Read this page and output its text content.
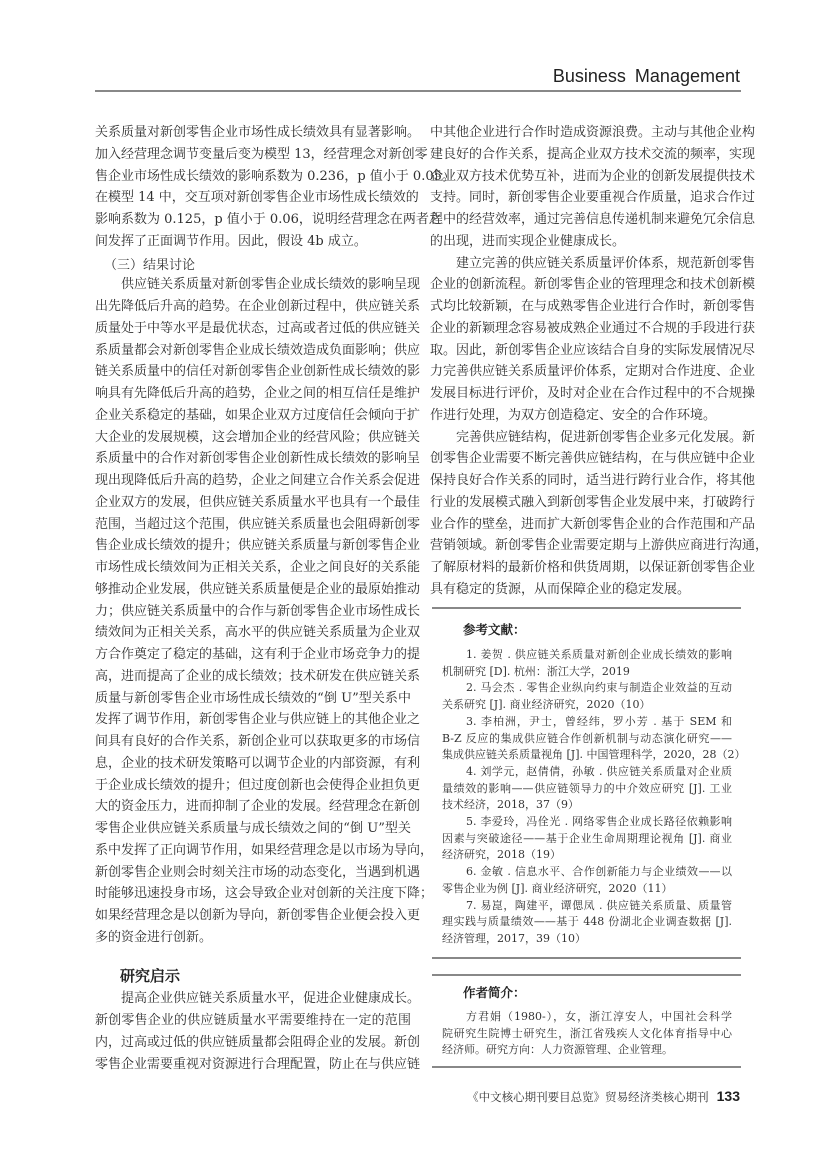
Business Management
（三）结果讨论
研究启示
参考文献：
作者简介：
《中文核心期刊要目总览》贸易经济类核心期刊 133
关系质量对新创零售企业市场性成长绩效具有显著影响。
加入经营理念调节变量后变为模型 13，经营理念对新创零
售企业市场性成长绩效的影响系数为 0.236，p 值小于 0.05。
在模型 14 中，交互项对新创零售企业市场性成长绩效的
影响系数为 0.125，p 值小于 0.06，说明经营理念在两者之
间发挥了正面调节作用。因此，假设 4b 成立。
供应链关系质量对新创零售企业成长绩效的影响呈现
出先降低后升高的趋势。在企业创新过程中，供应链关系
质量处于中等水平是最优状态，过高或者过低的供应链关
系质量都会对新创零售企业成长绩效造成负面影响；供应
链关系质量中的信任对新创零售企业创新性成长绩效的影
响具有先降低后升高的趋势，企业之间的相互信任是维护
企业关系稳定的基础，如果企业双方过度信任会倾向于扩
大企业的发展规模，这会增加企业的经营风险；供应链关
系质量中的合作对新创零售企业创新性成长绩效的影响呈
现出现降低后升高的趋势，企业之间建立合作关系会促进
企业双方的发展，但供应链关系质量水平也具有一个最佳
范围，当超过这个范围，供应链关系质量也会阻碍新创零
售企业成长绩效的提升；供应链关系质量与新创零售企业
市场性成长绩效间为正相关关系，企业之间良好的关系能
够推动企业发展，供应链关系质量便是企业的最原始推动
力；供应链关系质量中的合作与新创零售企业市场性成长
绩效间为正相关关系，高水平的供应链关系质量为企业双
方合作奠定了稳定的基础，这有利于企业市场竞争力的提
高，进而提高了企业的成长绩效；技术研发在供应链关系
质量与新创零售企业市场性成长绩效的“倒 U”型关系中
发挥了调节作用，新创零售企业与供应链上的其他企业之
间具有良好的合作关系，新创企业可以获取更多的市场信
息，企业的技术研发策略可以调节企业的内部资源，有利
于企业成长绩效的提升；但过度创新也会使得企业担负更
大的资金压力，进而抑制了企业的发展。经营理念在新创
零售企业供应链关系质量与成长绩效之间的“倒 U”型关
系中发挥了正向调节作用，如果经营理念是以市场为导向，
新创零售企业则会时刻关注市场的动态变化，当遇到机遇
时能够迅速投身市场，这会导致企业对创新的关注度下降；
如果经营理念是以创新为导向，新创零售企业便会投入更
多的资金进行创新。
提高企业供应链关系质量水平，促进企业健康成长。
新创零售企业的供应链质量水平需要维持在一定的范围
内，过高或过低的供应链质量都会阻碍企业的发展。新创
零售企业需要重视对资源进行合理配置，防止在与供应链
中其他企业进行合作时造成资源浪费。主动与其他企业构
建良好的合作关系，提高企业双方技术交流的频率，实现
企业双方技术优势互补，进而为企业的创新发展提供技术
支持。同时，新创零售企业要重视合作质量，追求合作过
程中的经营效率，通过完善信息传递机制来避免冗余信息
的出现，进而实现企业健康成长。
建立完善的供应链关系质量评价体系，规范新创零售
企业的创新流程。新创零售企业的管理理念和技术创新模
式均比较新颖，在与成熟零售企业进行合作时，新创零售
企业的新颖理念容易被成熟企业通过不合规的手段进行获
取。因此，新创零售企业应该结合自身的实际发展情况尽
力完善供应链关系质量评价体系，定期对合作进度、企业
发展目标进行评价，及时对企业在合作过程中的不合规操
作进行处理，为双方创造稳定、安全的合作环境。
完善供应链结构，促进新创零售企业多元化发展。新
创零售企业需要不断完善供应链结构，在与供应链中企业
保持良好合作关系的同时，适当进行跨行业合作，将其他
行业的发展模式融入到新创零售企业发展中来，打破跨行
业合作的壁垒，进而扩大新创零售企业的合作范围和产品
营销领域。新创零售企业需要定期与上游供应商进行沟通，
了解原材料的最新价格和供货周期，以保证新创零售企业
具有稳定的货源，从而保障企业的稳定发展。
1. 姜贺 . 供应链关系质量对新创企业成长绩效的影响
机制研究 [D]. 杭州：浙江大学，2019
2. 马会杰 . 零售企业纵向约束与制造企业效益的互动
关系研究 [J]. 商业经济研究，2020（10）
3. 李柏洲，尹士，曾经纬，罗小芳 . 基于 SEM 和
B-Z 反应的集成供应链合作创新机制与动态演化研究——
集成供应链关系质量视角 [J]. 中国管理科学，2020，28（2）
4. 刘学元，赵倩倩，孙敏 . 供应链关系质量对企业质
量绩效的影响——供应链领导力的中介效应研究 [J]. 工业
技术经济，2018，37（9）
5. 李爱玲，冯佺光 . 网络零售企业成长路径依赖影响
因素与突破途径——基于企业生命周期理论视角 [J]. 商业
经济研究，2018（19）
6. 金敏 . 信息水平、合作创新能力与企业绩效——以
零售企业为例 [J]. 商业经济研究，2020（11）
7. 易崑，陶建平，谭偲凤 . 供应链关系质量、质量管
理实践与质量绩效——基于 448 份湖北企业调查数据 [J].
经济管理，2017，39（10）
方君娟（1980-），女，浙江淳安人，中国社会科学
院研究生院博士研究生，浙江省残疾人文化体育指导中心
经济师。研究方向：人力资源管理、企业管理。
